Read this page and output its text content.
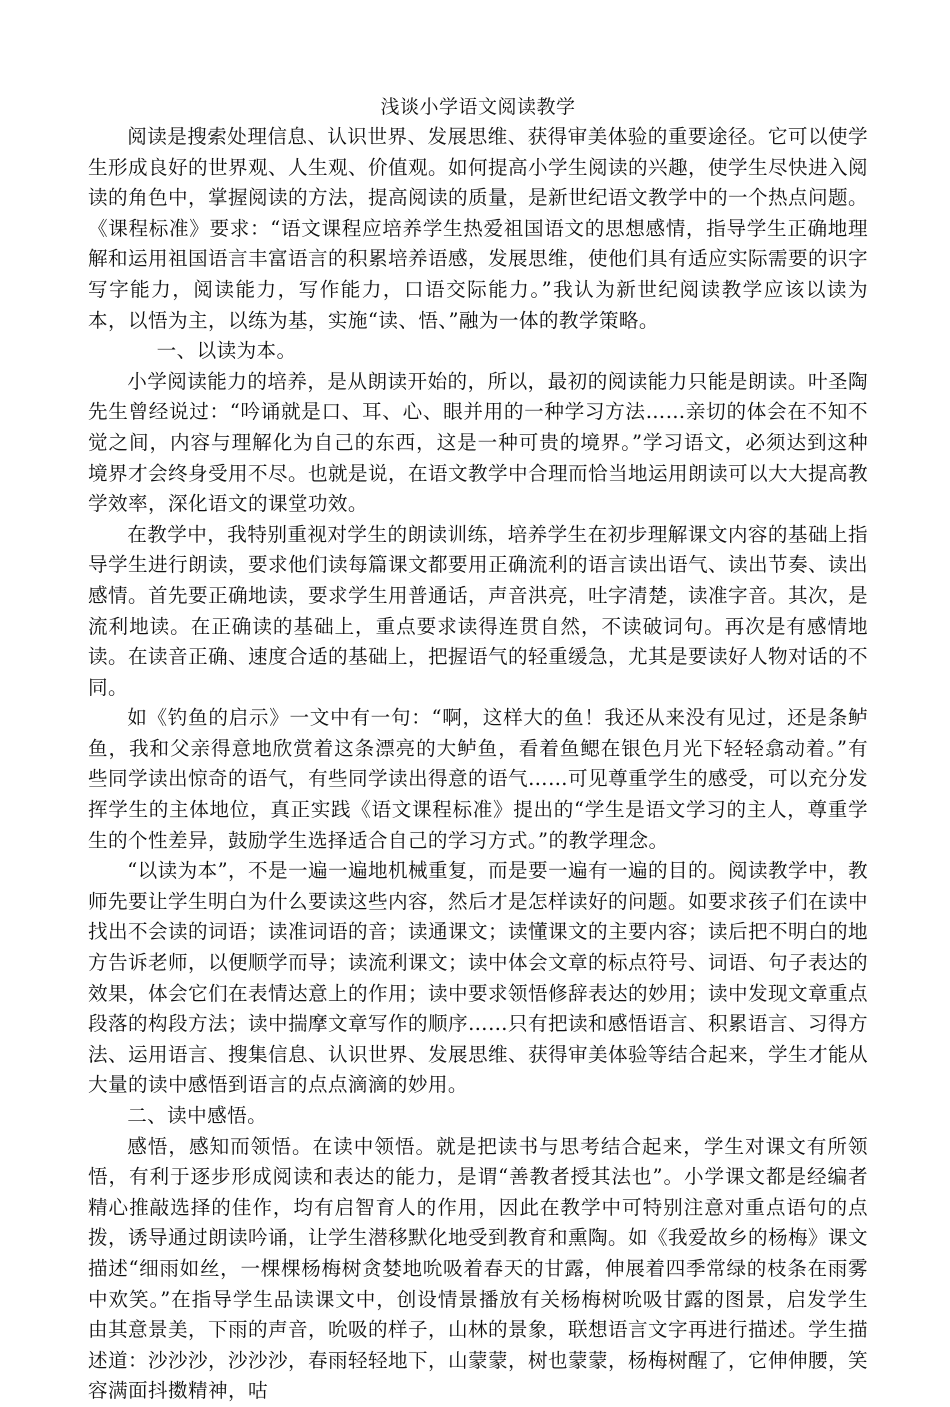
浅谈小学语文阅读教学

阅读是搜索处理信息、认识世界、发展思维、获得审美体验的重要途径。它可以使学生形成良好的世界观、人生观、价值观。如何提高小学生阅读的兴趣，使学生尽快进入阅读的角色中，掌握阅读的方法，提高阅读的质量，是新世纪语文教学中的一个热点问题。《课程标准》要求：“语文课程应培养学生热爱祖国语文的思想感情，指导学生正确地理解和运用祖国语言丰富语言的积累培养语感，发展思维，使他们具有适应实际需要的识字写字能力，阅读能力，写作能力，口语交际能力。”我认为新世纪阅读教学应该以读为本，以悟为主，以练为基，实施“读、悟、”融为一体的教学策略。

一、以读为本。

小学阅读能力的培养，是从朗读开始的，所以，最初的阅读能力只能是朗读。叶圣陶先生曾经说过：“吟诵就是口、耳、心、眼并用的一种学习方法……亲切的体会在不知不觉之间，内容与理解化为自己的东西，这是一种可贵的境界。”学习语文，必须达到这种境界才会终身受用不尽。也就是说，在语文教学中合理而恰当地运用朗读可以大大提高教学效率，深化语文的课堂功效。

在教学中，我特别重视对学生的朗读训练，培养学生在初步理解课文内容的基础上指导学生进行朗读，要求他们读每篇课文都要用正确流利的语言读出语气、读出节奏、读出感情。首先要正确地读，要求学生用普通话，声音洪亮，吐字清楚，读准字音。其次，是流利地读。在正确读的基础上，重点要求读得连贯自然，不读破词句。再次是有感情地读。在读音正确、速度合适的基础上，把握语气的轻重缓急，尤其是要读好人物对话的不同。

如《钓鱼的启示》一文中有一句：“啊，这样大的鱼！我还从来没有见过，还是条鲈鱼，我和父亲得意地欣赏着这条漂亮的大鲈鱼，看着鱼鳃在银色月光下轻轻翕动着。”有些同学读出惊奇的语气，有些同学读出得意的语气……可见尊重学生的感受，可以充分发挥学生的主体地位，真正实践《语文课程标准》提出的“学生是语文学习的主人，尊重学生的个性差异，鼓励学生选择适合自己的学习方式。”的教学理念。

“以读为本”，不是一遍一遍地机械重复，而是要一遍有一遍的目的。阅读教学中，教师先要让学生明白为什么要读这些内容，然后才是怎样读好的问题。如要求孩子们在读中找出不会读的词语；读准词语的音；读通课文；读懂课文的主要内容；读后把不明白的地方告诉老师，以便顺学而导；读流利课文；读中体会文章的标点符号、词语、句子表达的效果，体会它们在表情达意上的作用；读中要求领悟修辞表达的妙用；读中发现文章重点段落的构段方法；读中揣摩文章写作的顺序……只有把读和感悟语言、积累语言、习得方法、运用语言、搜集信息、认识世界、发展思维、获得审美体验等结合起来，学生才能从大量的读中感悟到语言的点点滴滴的妙用。

二、读中感悟。

感悟，感知而领悟。在读中领悟。就是把读书与思考结合起来，学生对课文有所领悟，有利于逐步形成阅读和表达的能力，是谓“善教者授其法也”。小学课文都是经编者精心推敲选择的佳作，均有启智育人的作用，因此在教学中可特别注意对重点语句的点拨，诱导通过朗读吟诵，让学生潜移默化地受到教育和熏陶。如《我爱故乡的杨梅》课文描述“细雨如丝，一棵棵杨梅树贪婪地吮吸着春天的甘露，伸展着四季常绿的枝条在雨雾中欢笑。”在指导学生品读课文中，创设情景播放有关杨梅树吮吸甘露的图景，启发学生由其意景美，下雨的声音，吮吸的样子，山林的景象，联想语言文字再进行描述。学生描述道：沙沙沙，沙沙沙，春雨轻轻地下，山蒙蒙，树也蒙蒙，杨梅树醒了，它伸伸腰，笑容满面抖擞精神，咕
